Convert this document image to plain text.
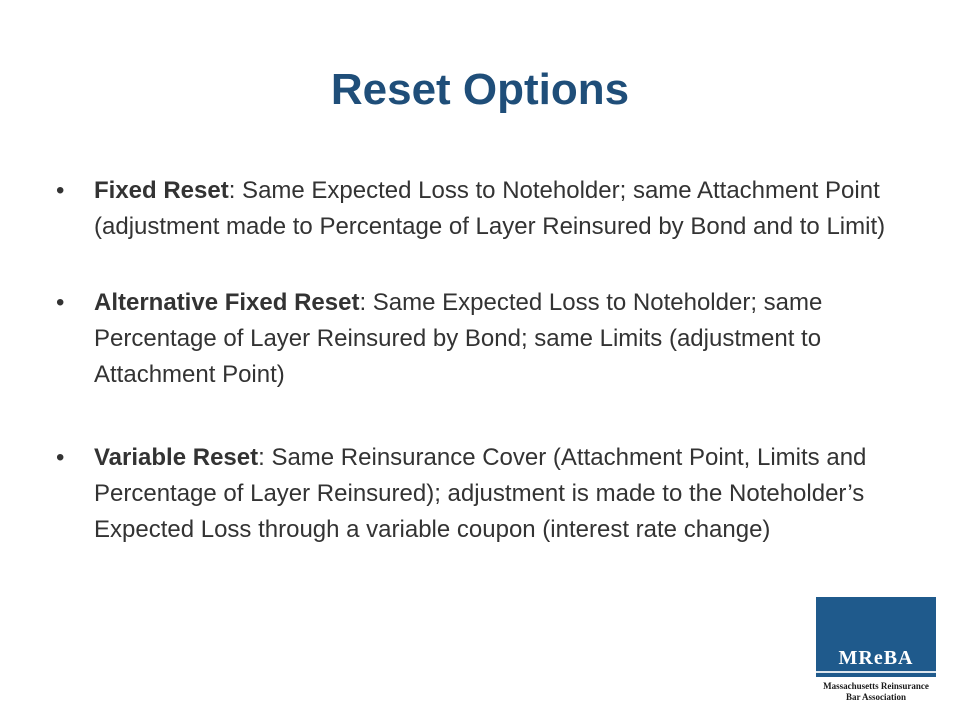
Reset Options
•	Fixed Reset: Same Expected Loss to Noteholder; same Attachment Point (adjustment made to Percentage of Layer Reinsured by Bond and to Limit)
•	Alternative Fixed Reset: Same Expected Loss to Noteholder; same Percentage of Layer Reinsured by Bond; same Limits (adjustment to Attachment Point)
•	Variable Reset: Same Reinsurance Cover (Attachment Point, Limits and Percentage of Layer Reinsured); adjustment is made to the Noteholder’s Expected Loss through a variable coupon (interest rate change)
MReBA
Massachusetts Reinsurance
Bar Association
